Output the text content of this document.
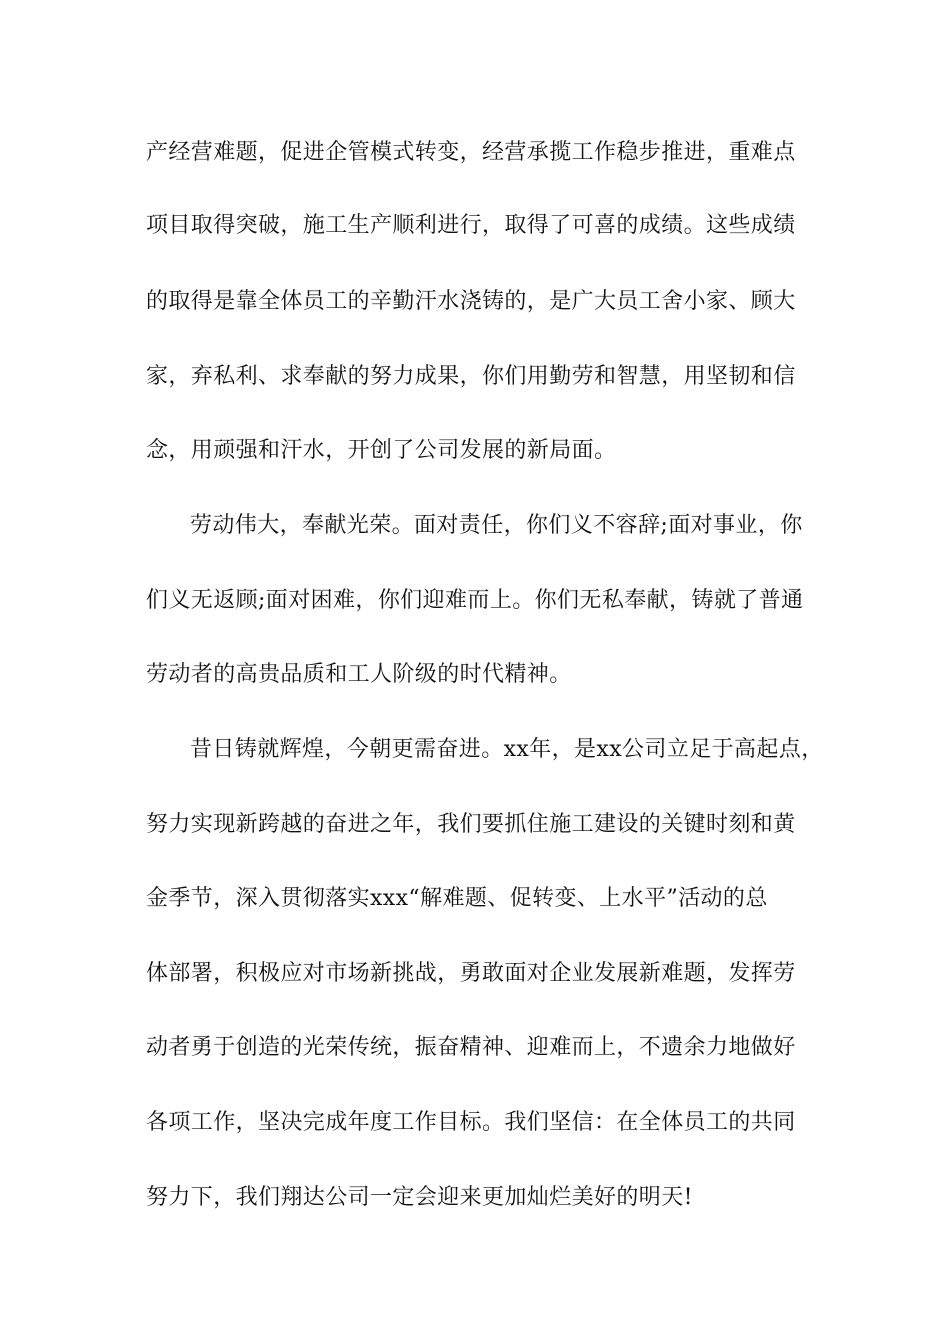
产经营难题，促进企管模式转变，经营承揽工作稳步推进，重难点
项目取得突破，施工生产顺利进行，取得了可喜的成绩。这些成绩
的取得是靠全体员工的辛勤汗水浇铸的，是广大员工舍小家、顾大
家，弃私利、求奉献的努力成果，你们用勤劳和智慧，用坚韧和信
念，用顽强和汗水，开创了公司发展的新局面。
劳动伟大，奉献光荣。面对责任，你们义不容辞;面对事业，你
们义无返顾;面对困难，你们迎难而上。你们无私奉献，铸就了普通
劳动者的高贵品质和工人阶级的时代精神。
昔日铸就辉煌，今朝更需奋进。xx年，是xx公司立足于高起点，
努力实现新跨越的奋进之年，我们要抓住施工建设的关键时刻和黄
金季节，深入贯彻落实xxx“解难题、促转变、上水平”活动的总
体部署，积极应对市场新挑战，勇敢面对企业发展新难题，发挥劳
动者勇于创造的光荣传统，振奋精神、迎难而上，不遗余力地做好
各项工作，坚决完成年度工作目标。我们坚信：在全体员工的共同
努力下，我们翔达公司一定会迎来更加灿烂美好的明天!
